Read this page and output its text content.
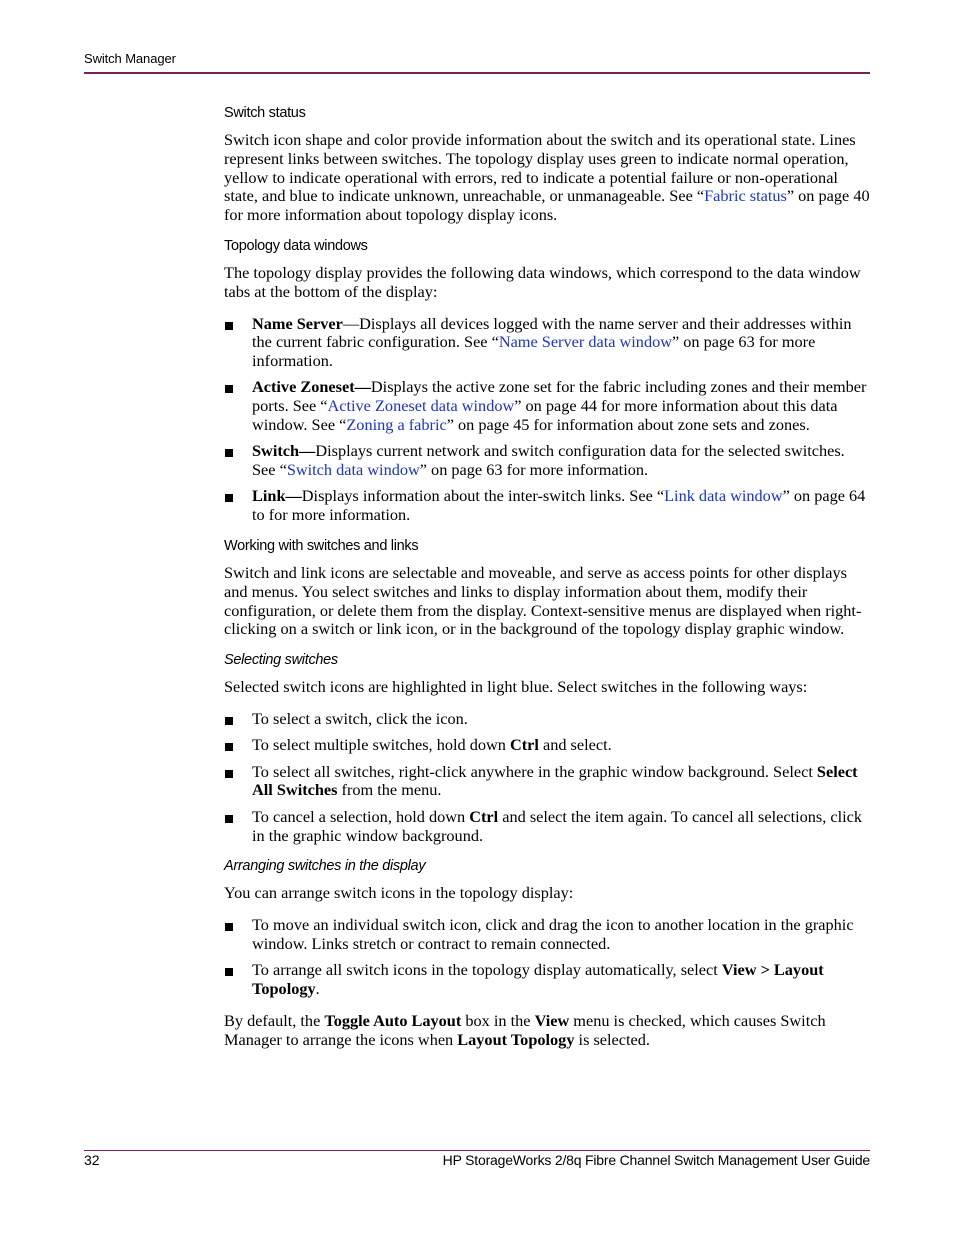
Switch Manager
Switch status

Switch icon shape and color provide information about the switch and its operational state. Lines represent links between switches. The topology display uses green to indicate normal operation, yellow to indicate operational with errors, red to indicate a potential failure or non-operational state, and blue to indicate unknown, unreachable, or unmanageable. See “Fabric status” on page 40 for more information about topology display icons.

Topology data windows

The topology display provides the following data windows, which correspond to the data window tabs at the bottom of the display:

Name Server—Displays all devices logged with the name server and their addresses within the current fabric configuration. See “Name Server data window” on page 63 for more information.
Active Zoneset—Displays the active zone set for the fabric including zones and their member ports. See “Active Zoneset data window” on page 44 for more information about this data window. See “Zoning a fabric” on page 45 for information about zone sets and zones.
Switch—Displays current network and switch configuration data for the selected switches. See “Switch data window” on page 63 for more information.
Link—Displays information about the inter-switch links. See “Link data window” on page 64 to for more information.
Working with switches and links

Switch and link icons are selectable and moveable, and serve as access points for other displays and menus. You select switches and links to display information about them, modify their configuration, or delete them from the display. Context-sensitive menus are displayed when right-clicking on a switch or link icon, or in the background of the topology display graphic window.

Selecting switches

Selected switch icons are highlighted in light blue. Select switches in the following ways:

To select a switch, click the icon.
To select multiple switches, hold down Ctrl and select.
To select all switches, right-click anywhere in the graphic window background. Select Select All Switches from the menu.
To cancel a selection, hold down Ctrl and select the item again. To cancel all selections, click in the graphic window background.
Arranging switches in the display

You can arrange switch icons in the topology display:

To move an individual switch icon, click and drag the icon to another location in the graphic window. Links stretch or contract to remain connected.
To arrange all switch icons in the topology display automatically, select View > Layout Topology.

By default, the Toggle Auto Layout box in the View menu is checked, which causes Switch Manager to arrange the icons when Layout Topology is selected.

32	HP StorageWorks 2/8q Fibre Channel Switch Management User Guide
